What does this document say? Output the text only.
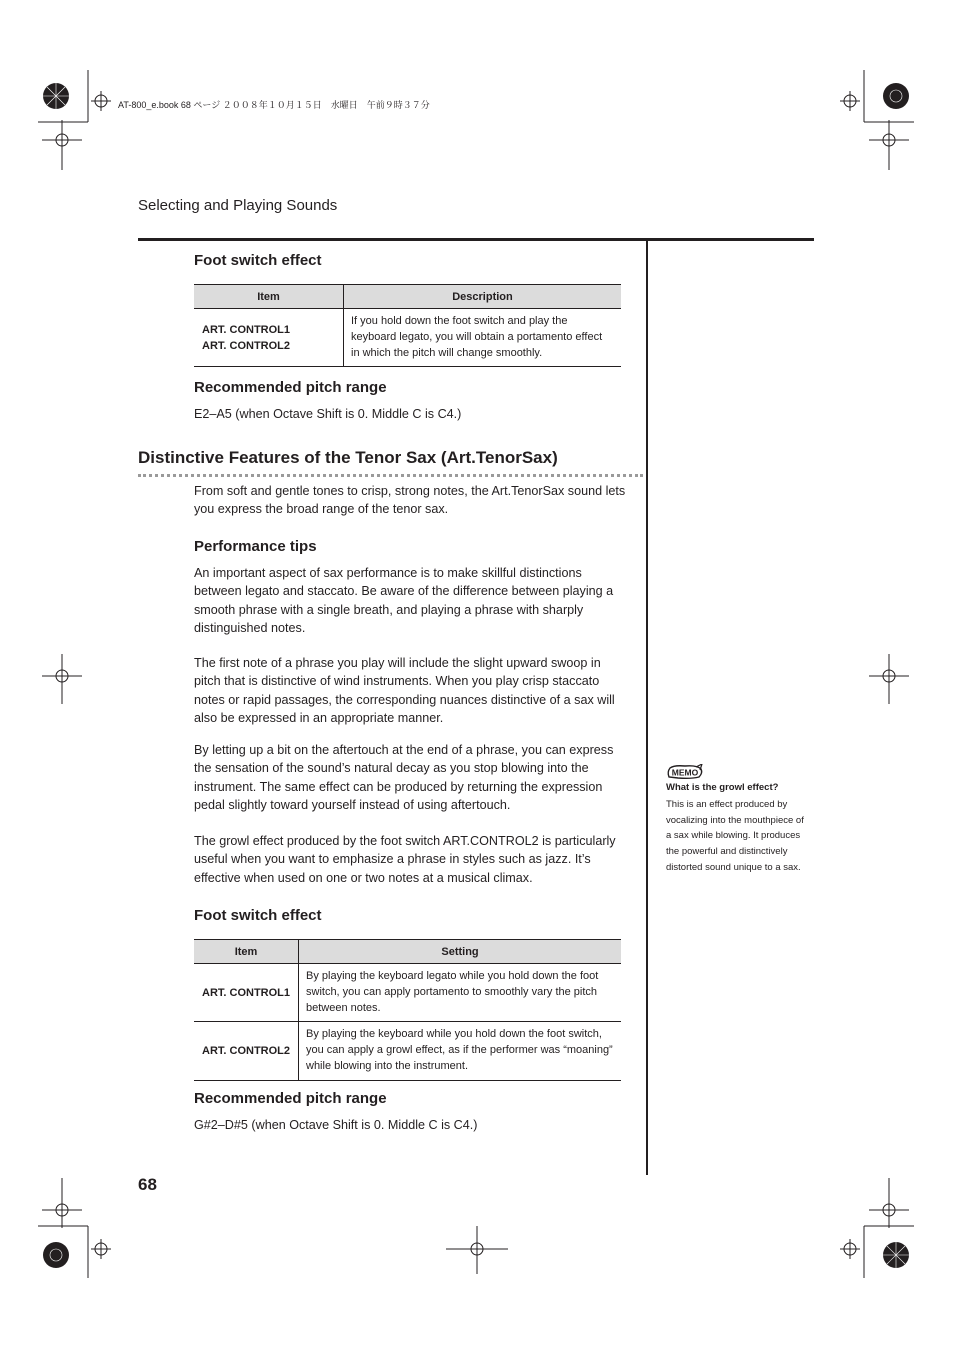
AT-800_e.book 68 ページ ２００８年１０月１５日　水曜日　午前９時３７分
Selecting and Playing Sounds
Foot switch effect
Item	Description

ART. CONTROL1
ART. CONTROL2	If you hold down the foot switch and play the keyboard legato, you will obtain a portamento effect in which the pitch will change smoothly.
Recommended pitch range
E2–A5 (when Octave Shift is 0. Middle C is C4.)
Distinctive Features of the Tenor Sax (Art.TenorSax)
From soft and gentle tones to crisp, strong notes, the Art.TenorSax sound lets you express the broad range of the tenor sax.
Performance tips
An important aspect of sax performance is to make skillful distinctions between legato and staccato. Be aware of the difference between playing a smooth phrase with a single breath, and playing a phrase with sharply distinguished notes.
The first note of a phrase you play will include the slight upward swoop in pitch that is distinctive of wind instruments. When you play crisp staccato notes or rapid passages, the corresponding nuances distinctive of a sax will also be expressed in an appropriate manner.
By letting up a bit on the aftertouch at the end of a phrase, you can express the sensation of the sound’s natural decay as you stop blowing into the instrument. The same effect can be produced by returning the expression pedal slightly toward yourself instead of using aftertouch.
The growl effect produced by the foot switch ART.CONTROL2 is particularly useful when you want to emphasize a phrase in styles such as jazz. It’s effective when used on one or two notes at a musical climax.
Foot switch effect
Item	Setting
ART. CONTROL1	By playing the keyboard legato while you hold down the foot switch, you can apply portamento to smoothly vary the pitch between notes.
ART. CONTROL2	By playing the keyboard while you hold down the foot switch, you can apply a growl effect, as if the performer was “moaning” while blowing into the instrument.
Recommended pitch range
G#2–D#5 (when Octave Shift is 0. Middle C is C4.)
MEMO
What is the growl effect?
This is an effect produced by vocalizing into the mouthpiece of a sax while blowing. It produces the powerful and distinctively distorted sound unique to a sax.
68
